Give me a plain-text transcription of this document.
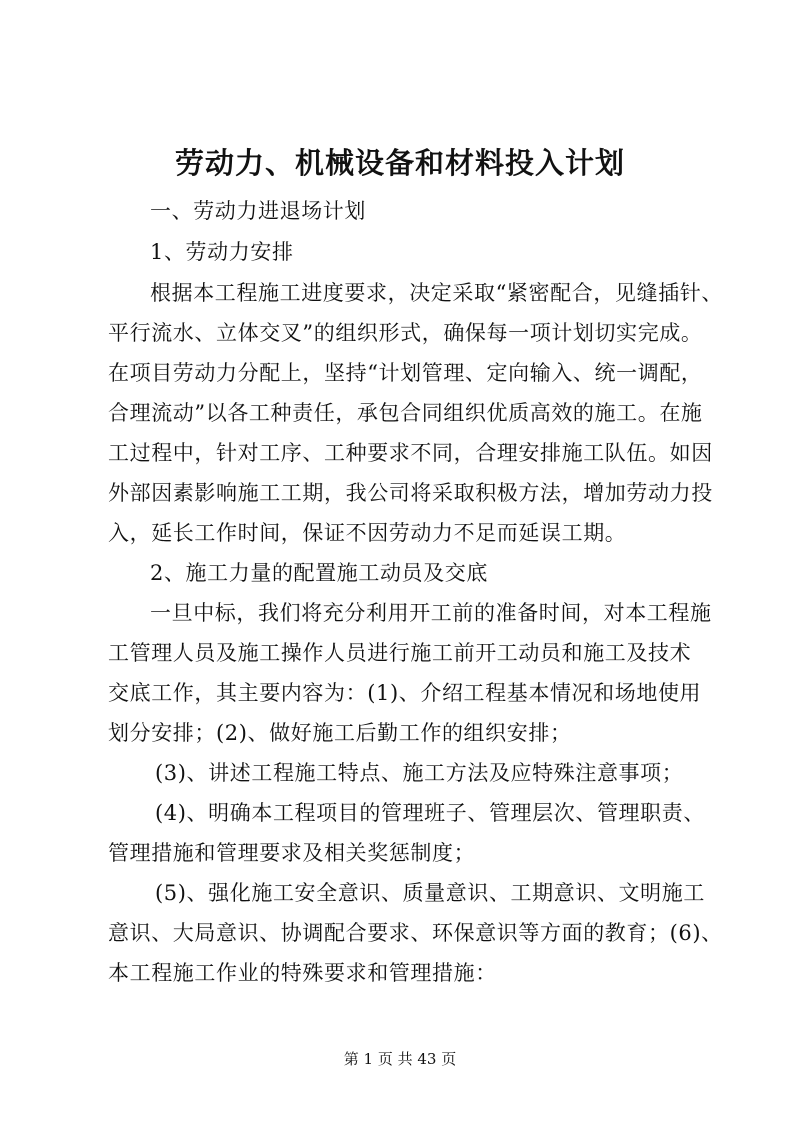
劳动力、机械设备和材料投入计划
一、劳动力进退场计划
1、劳动力安排
根据本工程施工进度要求，决定采取“紧密配合，见缝插针、
平行流水、立体交叉”的组织形式，确保每一项计划切实完成。
在项目劳动力分配上，坚持“计划管理、定向输入、统一调配，
合理流动”以各工种责任，承包合同组织优质高效的施工。在施
工过程中，针对工序、工种要求不同，合理安排施工队伍。如因
外部因素影响施工工期，我公司将采取积极方法，增加劳动力投
入，延长工作时间，保证不因劳动力不足而延误工期。
2、施工力量的配置施工动员及交底
一旦中标，我们将充分利用开工前的准备时间，对本工程施
工管理人员及施工操作人员进行施工前开工动员和施工及技术
交底工作，其主要内容为：(1)、介绍工程基本情况和场地使用
划分安排；(2)、做好施工后勤工作的组织安排；
(3)、讲述工程施工特点、施工方法及应特殊注意事项；
(4)、明确本工程项目的管理班子、管理层次、管理职责、
管理措施和管理要求及相关奖惩制度；
(5)、强化施工安全意识、质量意识、工期意识、文明施工
意识、大局意识、协调配合要求、环保意识等方面的教育；(6)、
本工程施工作业的特殊要求和管理措施：
第 1 页 共 43 页
